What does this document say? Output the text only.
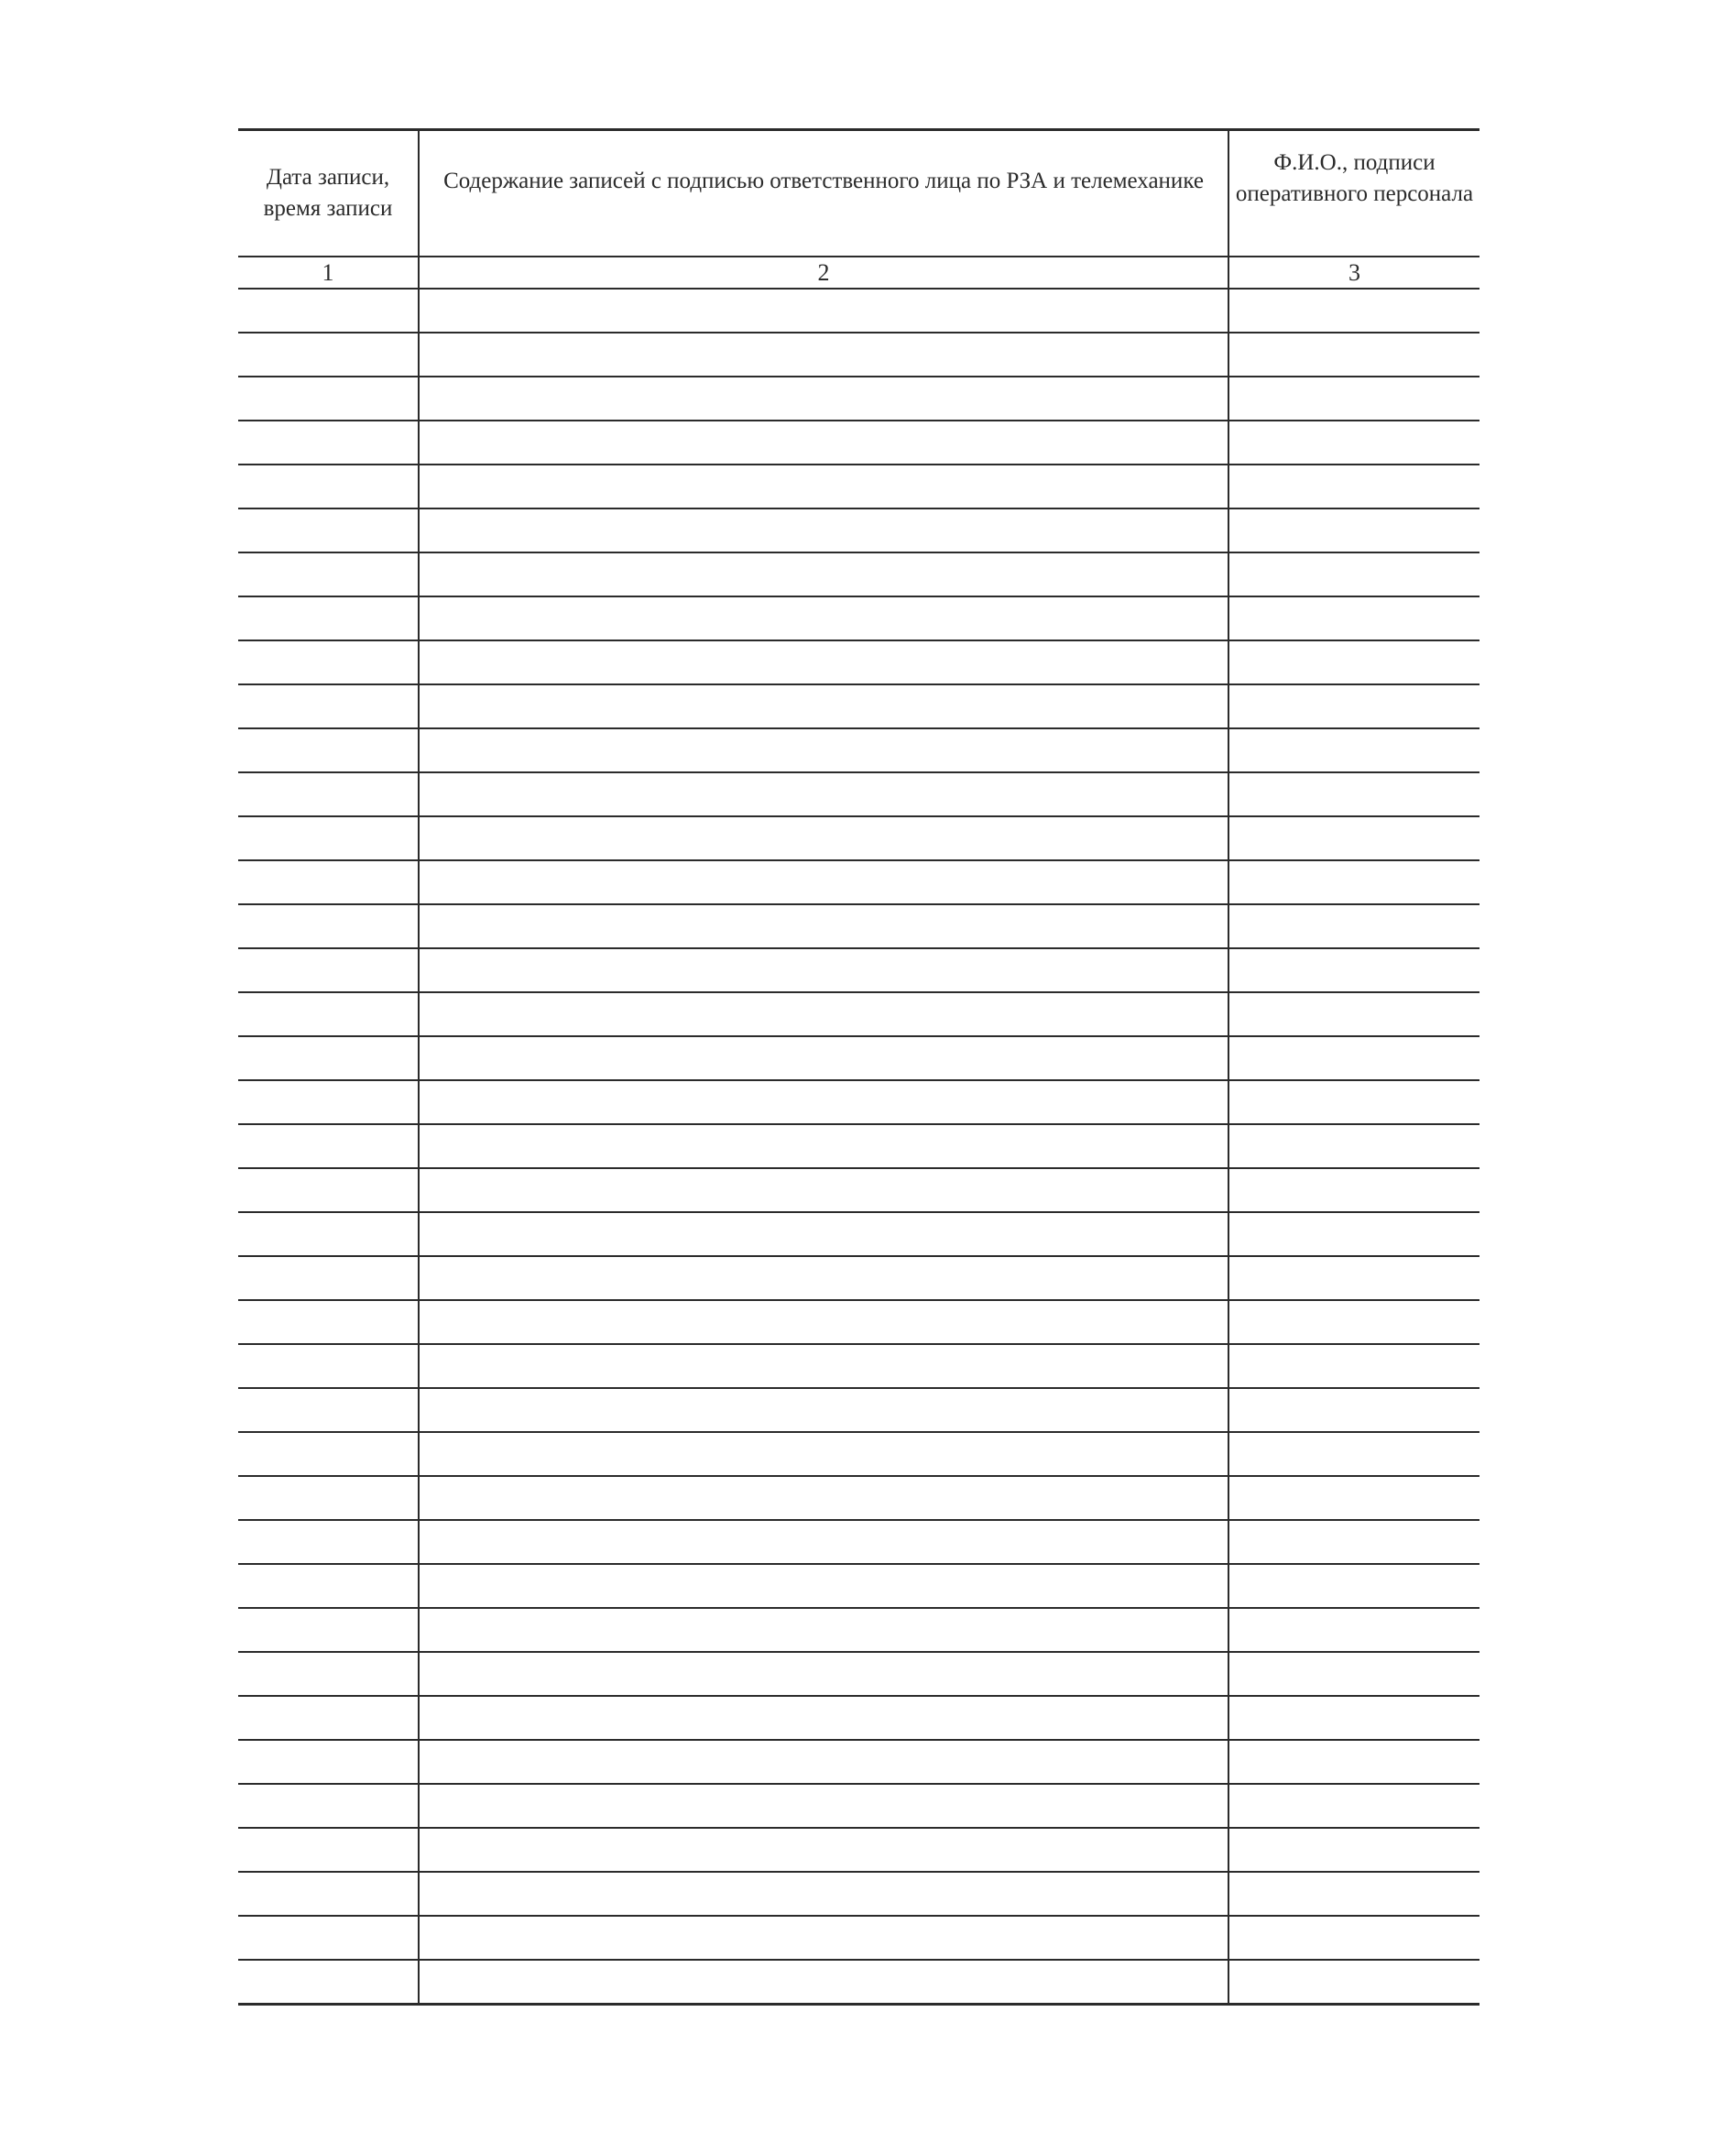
Дата записи, время записи	Содержание записей с подписью ответственного лица по РЗА и телемеханике	Ф.И.О., подписи оперативного персонала

1	2	3
